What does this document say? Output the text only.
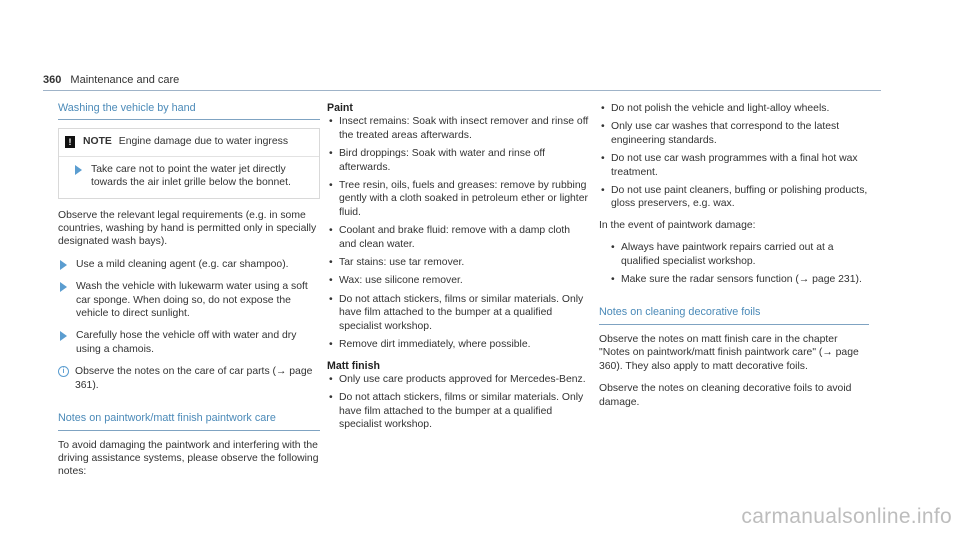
360 Maintenance and care
Washing the vehicle by hand
!	NOTE Engine damage due to water ingress
Take care not to point the water jet directly towards the air inlet grille below the bonnet.

Observe the relevant legal requirements (e.g. in some countries, washing by hand is permitted only in specially designated wash bays).

Use a mild cleaning agent (e.g. car shampoo).
Wash the vehicle with lukewarm water using a soft car sponge. When doing so, do not expose the vehicle to direct sunlight.
Carefully hose the vehicle off with water and dry using a chamois.
i	Observe the notes on the care of car parts (→ page 361).
Notes on paintwork/matt finish paintwork care

To avoid damaging the paintwork and interfering with the driving assistance systems, please observe the following notes:

Paint
• Insect remains: Soak with insect remover and rinse off the treated areas afterwards.
• Bird droppings: Soak with water and rinse off afterwards.
• Tree resin, oils, fuels and greases: remove by rubbing gently with a cloth soaked in petroleum ether or lighter fluid.
• Coolant and brake fluid: remove with a damp cloth and clean water.
• Tar stains: use tar remover.
• Wax: use silicone remover.
• Do not attach stickers, films or similar materials. Only have film attached to the bumper at a qualified specialist workshop.
• Remove dirt immediately, where possible.
Matt finish
• Only use care products approved for Mercedes-Benz.
• Do not attach stickers, films or similar materials. Only have film attached to the bumper at a qualified specialist workshop.
• Do not polish the vehicle and light-alloy wheels.
• Only use car washes that correspond to the latest engineering standards.
• Do not use car wash programmes with a final hot wax treatment.
• Do not use paint cleaners, buffing or polishing products, gloss preservers, e.g. wax.

In the event of paintwork damage:

• Always have paintwork repairs carried out at a qualified specialist workshop.
• Make sure the radar sensors function (→ page 231).
Notes on cleaning decorative foils

Observe the notes on matt finish care in the chapter "Notes on paintwork/matt finish paintwork care" (→ page 360). They also apply to matt decorative foils.

Observe the notes on cleaning decorative foils to avoid damage.

carmanualsonline.info
